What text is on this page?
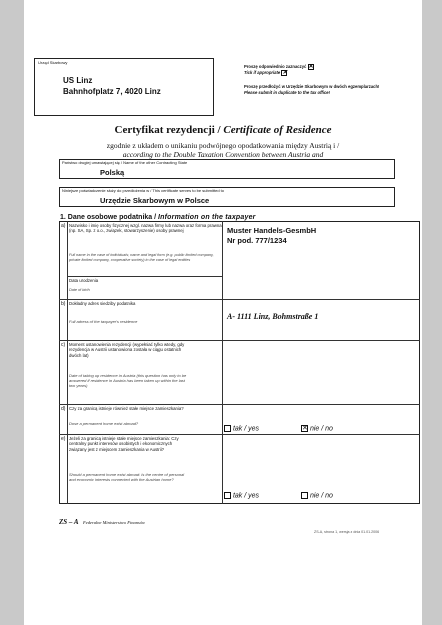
Urząd Skarbowy
US Linz
Bahnhofplatz 7, 4020 Linz
Proszę odpowiednio zaznaczyć ✕
Tick if appropriate ✕
Proszę przedłożyć w Urzędzie Skarbowym w dwóch egzemplarzach!
Please submit in duplicate to the tax office!
Certyfikat rezydencji / Certificate of Residence
zgodnie z układem o unikaniu podwójnego opodatkowania między Austrią i /
according to the Double Taxation Convention between Austria and
Państwo drugiej umawiającej się / Name of the other Contracting State
Polską
Niniejsze poświadczenie służy do przedłożenia w / This certificate serves to be submitted to
Urzędzie Skarbowym w Polsce
1. Dane osobowe podatnika / Information on the taxpayer
a) Nazwisko i imię osoby fizycznej wzgl. nazwa firmy lub nazwa oraz forma prawna (np. SA, Sp. z o.o., związek, stowarzyszenie) osoby prawnej
Full name in the case of individuals; name and legal form (e.g. public limited company, private limited company, cooperative society) in the case of legal entities
Muster Handels-GesmbH
Nr pod. 777/1234
Data urodzenia
Date of birth
b) Dokładny adres siedziby podatnika
Full adress of the taxpayer's residence
A- 1111 Linz, Bohmstraße 1
c) Moment ustanowienia rezydencji (wypełniać tylko wtedy, gdy rezydencja w Austrii ustanowiona została w ciągu ostatnich dwóch lat)
Date of taking up residence in Austria (this question has only to be answered if residence in Austria has been taken up within the last two years)
d) Czy za granicą istnieje również stałe miejsce zamieszkania?
Dose a permanent home exist abroad?
tak / yes	✕ nie / no
e) Jeżeli za granicą istnieje stałe miejsce zamieszkania: Czy centralny punkt interesów osobistych i ekonomicznych związany jest z miejscem zamieszkania w Austrii?
Should a permanent home exist abroad: Is the centre of personal and economic interests connected with the Austrian home?
tak / yes	nie / no
ZS – A Federalne Ministerstwo Finansów
ZS-A, strona 1, wersja z dnia 01.01.2006
